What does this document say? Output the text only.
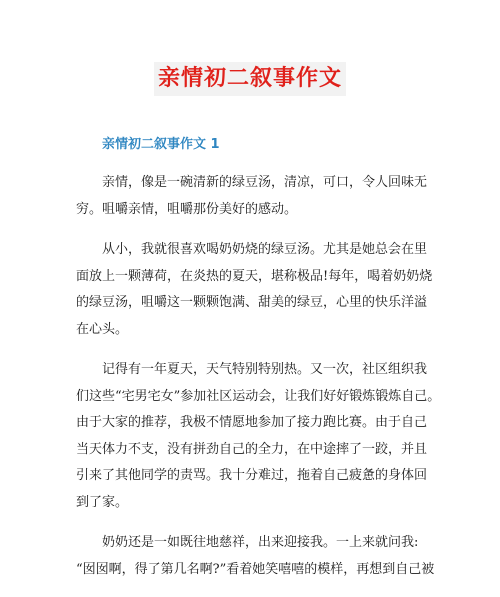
亲情初二叙事作文
亲情初二叙事作文 1

亲情，像是一碗清新的绿豆汤，清凉，可口，令人回味无
穷。咀嚼亲情，咀嚼那份美好的感动。

从小，我就很喜欢喝奶奶烧的绿豆汤。尤其是她总会在里
面放上一颗薄荷，在炎热的夏天，堪称极品!每年，喝着奶奶烧
的绿豆汤，咀嚼这一颗颗饱满、甜美的绿豆，心里的快乐洋溢
在心头。

记得有一年夏天，天气特别特别热。又一次，社区组织我
们这些“宅男宅女”参加社区运动会，让我们好好锻炼锻炼自己。
由于大家的推荐，我极不情愿地参加了接力跑比赛。由于自己
当天体力不支，没有拼劲自己的全力，在中途摔了一跤，并且
引来了其他同学的责骂。我十分难过，拖着自己疲惫的身体回
到了家。

奶奶还是一如既往地慈祥，出来迎接我。一上来就问我:
“囡囡啊，得了第几名啊?”看着她笑嘻嘻的模样，再想到自己被
